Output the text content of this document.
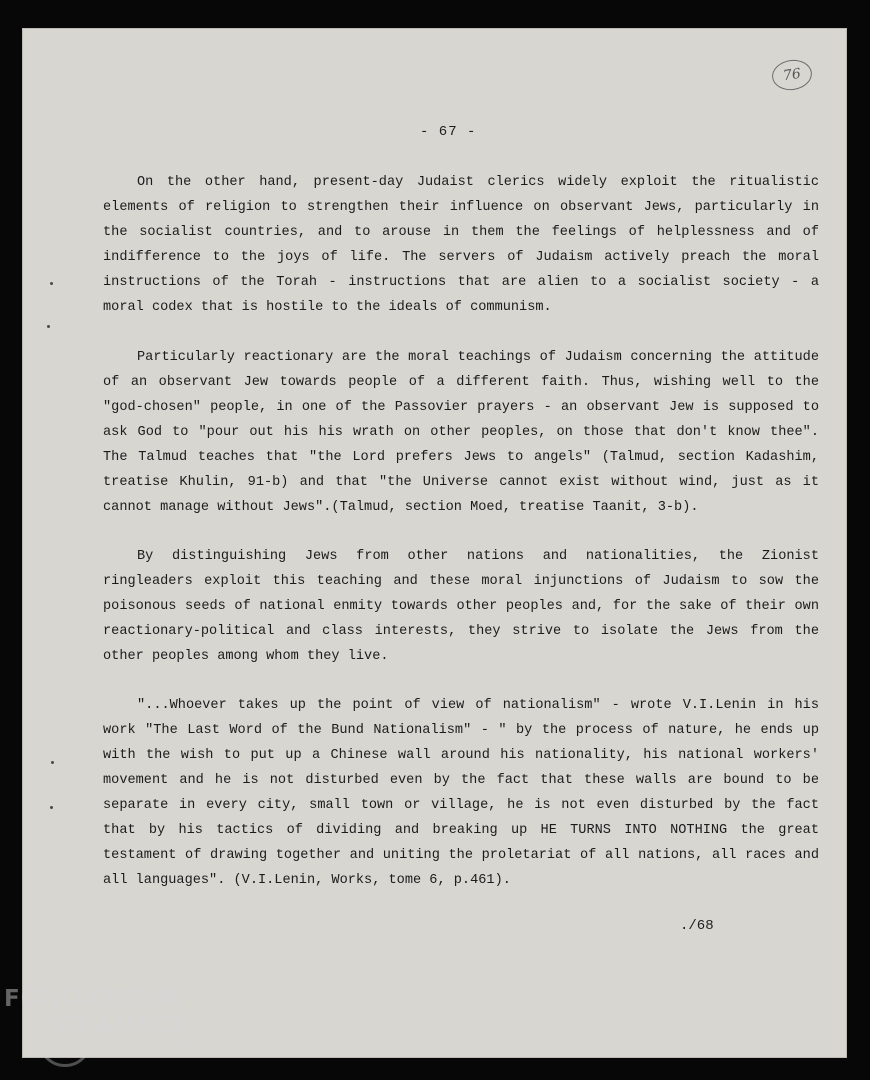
76
- 67 -

On the other hand, present-day Judaist clerics widely exploit the ritualistic elements of religion to strengthen their influence on observant Jews, particularly in the socialist countries, and to arouse in them the feelings of helplessness and of indifference to the joys of life. The servers of Judaism actively preach the moral instructions of the Torah - instructions that are alien to a socialist society - a moral codex that is hostile to the ideals of communism.

Particularly reactionary are the moral teachings of Judaism concerning the attitude of an observant Jew towards people of a different faith. Thus, wishing well to the "god-chosen" people, in one of the Passovier prayers - an observant Jew is supposed to ask God to "pour out his his wrath on other peoples, on those that don't know thee". The Talmud teaches that "the Lord prefers Jews to angels" (Talmud, section Kadashim, treatise Khulin, 91-b) and that "the Universe cannot exist without wind, just as it cannot manage without Jews".(Talmud, section Moed, treatise Taanit, 3-b).

By distinguishing Jews from other nations and nationalities, the Zionist ringleaders exploit this teaching and these moral injunctions of Judaism to sow the poisonous seeds of national enmity towards other peoples and, for the sake of their own reactionary-political and class interests, they strive to isolate the Jews from the other peoples among whom they live.

"...Whoever takes up the point of view of nationalism" - wrote V.I.Lenin in his work "The Last Word of the Bund Nationalism" - " by the process of nature, he ends up with the wish to put up a Chinese wall around his nationality, his national workers' movement and he is not disturbed even by the fact that these walls are bound to be separate in every city, small town or village, he is not even disturbed by the fact that by his tactics of dividing and breaking up HE TURNS INTO NOTHING the great testament of drawing together and uniting the proletariat of all nations, all races and all languages". (V.I.Lenin, Works, tome 6, p.461).

./68
FONDAZIONE
GRAMSCI
onlus
